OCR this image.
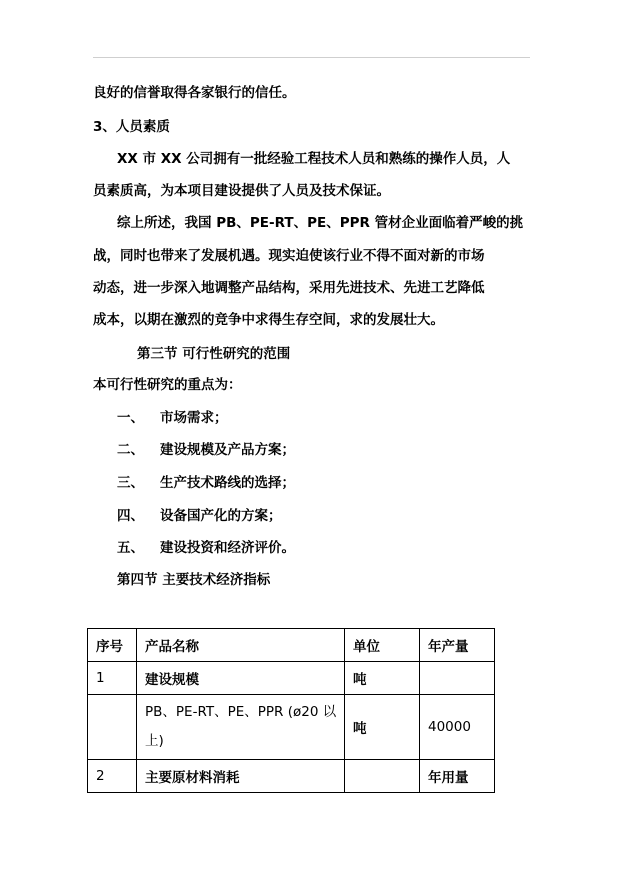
良好的信誉取得各家银行的信任。
3、人员素质
XX 市 XX 公司拥有一批经验工程技术人员和熟练的操作人员，人
员素质高，为本项目建设提供了人员及技术保证。
综上所述，我国 PB、PE-RT、PE、PPR 管材企业面临着严峻的挑
战，同时也带来了发展机遇。现实迫使该行业不得不面对新的市场
动态，进一步深入地调整产品结构，采用先进技术、先进工艺降低
成本，以期在激烈的竞争中求得生存空间，求的发展壮大。
第三节 可行性研究的范围
本可行性研究的重点为：
一、 市场需求；
二、 建设规模及产品方案；
三、 生产技术路线的选择；
四、 设备国产化的方案；
五、 建设投资和经济评价。
第四节 主要技术经济指标
序号	产品名称	单位	年产量
1	建设规模	吨	
	PB、PE-RT、PE、PPR (ø20 以上)	吨	40000
2	主要原材料消耗		年用量
